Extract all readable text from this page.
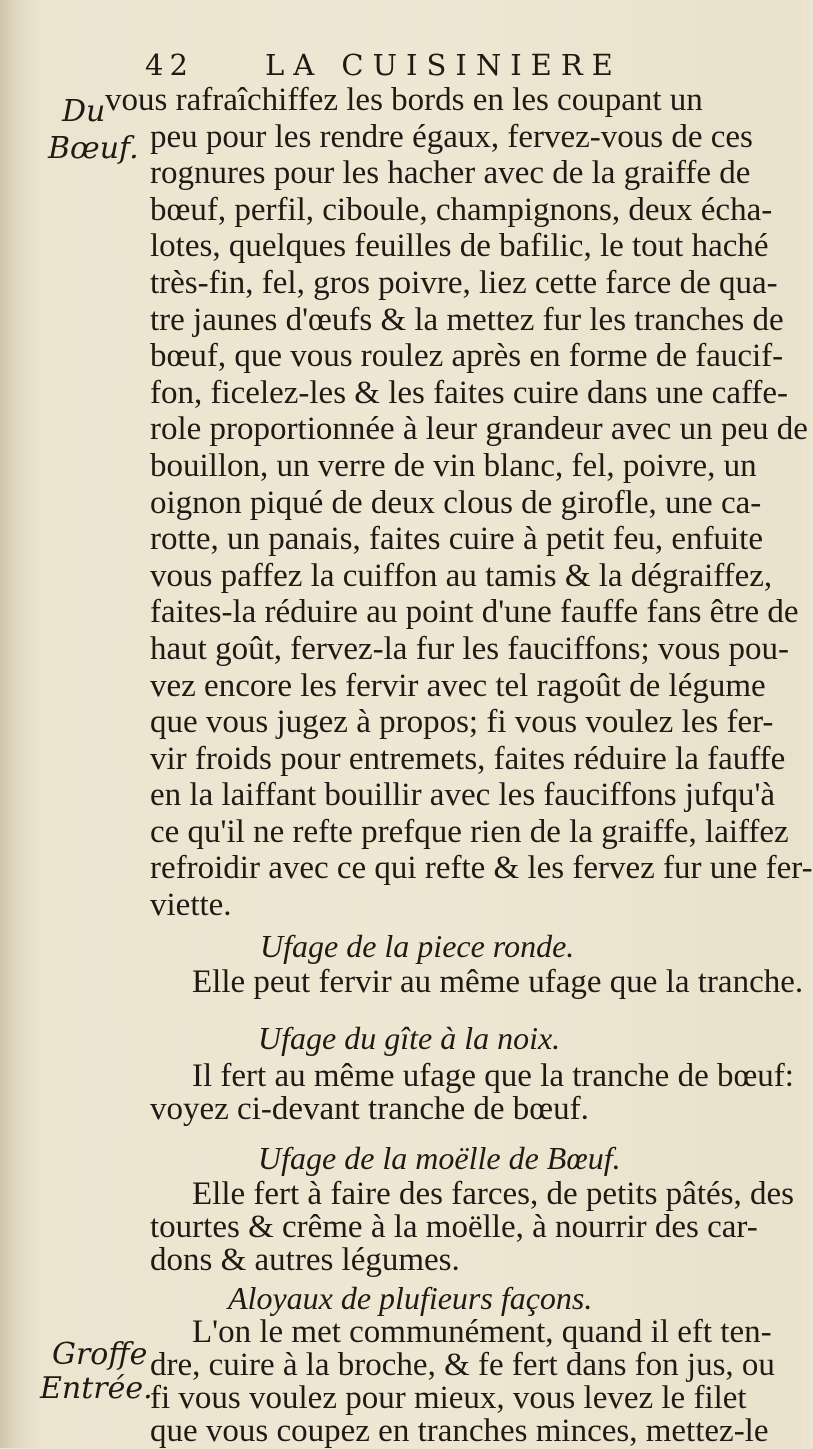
42 LA CUISINIERE
Du
Bœuf.
vous rafraîchiffez les bords en les coupant un
peu pour les rendre égaux, fervez-vous de ces
rognures pour les hacher avec de la graiffe de
bœuf, perfil, ciboule, champignons, deux écha-
lotes, quelques feuilles de bafilic, le tout haché
très-fin, fel, gros poivre, liez cette farce de qua-
tre jaunes d'œufs & la mettez fur les tranches de
bœuf, que vous roulez après en forme de faucif-
fon, ficelez-les & les faites cuire dans une caffe-
role proportionnée à leur grandeur avec un peu de
bouillon, un verre de vin blanc, fel, poivre, un
oignon piqué de deux clous de girofle, une ca-
rotte, un panais, faites cuire à petit feu, enfuite
vous paffez la cuiffon au tamis & la dégraiffez,
faites-la réduire au point d'une fauffe fans être de
haut goût, fervez-la fur les fauciffons; vous pou-
vez encore les fervir avec tel ragoût de légume
que vous jugez à propos; fi vous voulez les fer-
vir froids pour entremets, faites réduire la fauffe
en la laiffant bouillir avec les fauciffons jufqu'à
ce qu'il ne refte prefque rien de la graiffe, laiffez
refroidir avec ce qui refte & les fervez fur une fer-
viette.
Ufage de la piece ronde.
Elle peut fervir au même ufage que la tranche.
Ufage du gîte à la noix.
Il fert au même ufage que la tranche de bœuf:
voyez ci-devant tranche de bœuf.
Ufage de la moëlle de Bœuf.
Elle fert à faire des farces, de petits pâtés, des
tourtes & crême à la moëlle, à nourrir des car-
dons & autres légumes.
Aloyaux de plufieurs façons.
Groffe
Entrée.
L'on le met communément, quand il eft ten-
dre, cuire à la broche, & fe fert dans fon jus, ou
fi vous voulez pour mieux, vous levez le filet
que vous coupez en tranches minces, mettez-le
